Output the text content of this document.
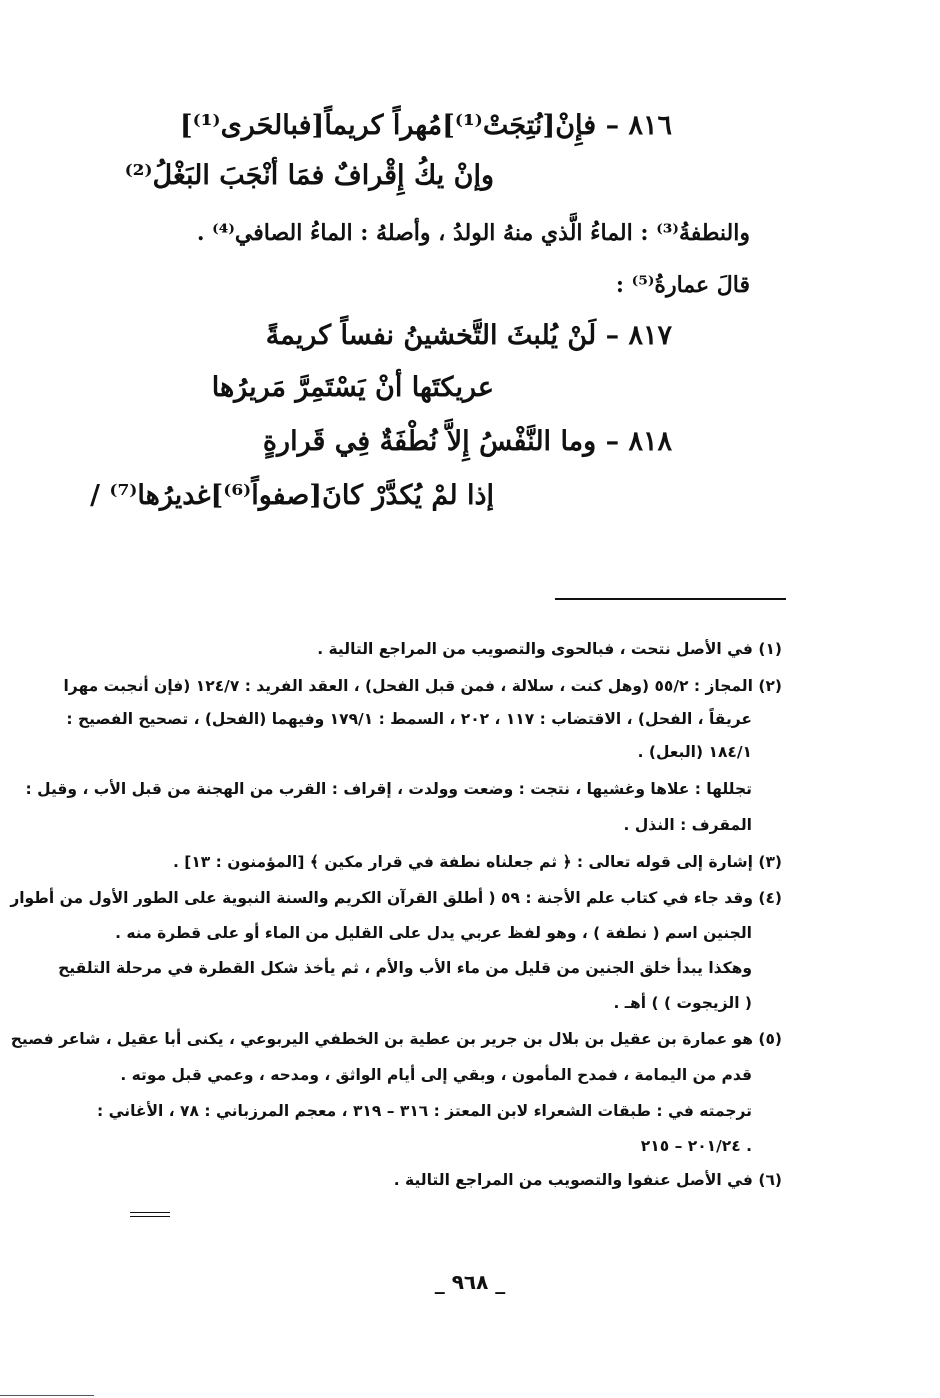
٨١٦ – فإِنْ[نُتِجَتْ⁽¹⁾]مُهراً كريماً[فبالحَرى⁽¹⁾]
وإنْ يكُ إِقْرافٌ فمَا أنْجَبَ البَغْلُ⁽²⁾
والنطفةُ⁽³⁾ : الماءُ الَّذي منهُ الولدُ ، وأصلهُ : الماءُ الصافي⁽⁴⁾ .
قالَ عمارةُ⁽⁵⁾ :
٨١٧ – لَنْ يُلبثَ التَّخشينُ نفساً كريمةً
عريكتَها أنْ يَسْتَمِرَّ مَريرُها
٨١٨ – وما النَّفْسُ إِلاَّ نُطْفَةٌ فِي قَرارةٍ
إذا لمْ يُكدَّرْ كانَ[صفواً⁽⁶⁾]غديرُها⁽⁷⁾ /
(١) في الأصل نتحت ، فبالحوى والتصويب من المراجع التالية .
(٢) المجاز : ٥٥/٢ (وهل كنت ، سلالة ، فمن قبل الفحل) ، العقد الفريد : ١٢٤/٧ (فإن أنجبت مهرا
عريقاً ، الفحل) ، الاقتضاب : ١١٧ ، ٢٠٢ ، السمط : ١٧٩/١ وفيهما (الفحل) ، تصحيح الفصيح :
١٨٤/١ (البعل) .
تجللها : علاها وغشيها ، نتجت : وضعت وولدت ، إقراف : القرب من الهجنة من قبل الأب ، وقيل :
المقرف : النذل .
(٣) إشارة إلى قوله تعالى : ﴿ ثم جعلناه نطفة في قرار مكين ﴾ [المؤمنون : ١٣] .
(٤) وقد جاء في كتاب علم الأجنة : ٥٩ ( أطلق القرآن الكريم والسنة النبوية على الطور الأول من أطوار
الجنين اسم ( نطفة ) ، وهو لفظ عربي يدل على القليل من الماء أو على قطرة منه .
وهكذا يبدأ خلق الجنين من قليل من ماء الأب والأم ، ثم يأخذ شكل القطرة في مرحلة التلقيح
( الزيجوت ) ) أهـ .
(٥) هو عمارة بن عقيل بن بلال بن جرير بن عطية بن الخطفي اليربوعي ، يكنى أبا عقيل ، شاعر فصيح
قدم من اليمامة ، فمدح المأمون ، وبقي إلى أيام الواثق ، ومدحه ، وعمي قبل موته .
ترجمته في : طبقات الشعراء لابن المعتز : ٣١٦ – ٣١٩ ، معجم المرزباني : ٧٨ ، الأغاني :
٢٠١/٢٤ – ٢١٥ .
(٦) في الأصل عنفوا والتصويب من المراجع التالية .
_ ٩٦٨ _
